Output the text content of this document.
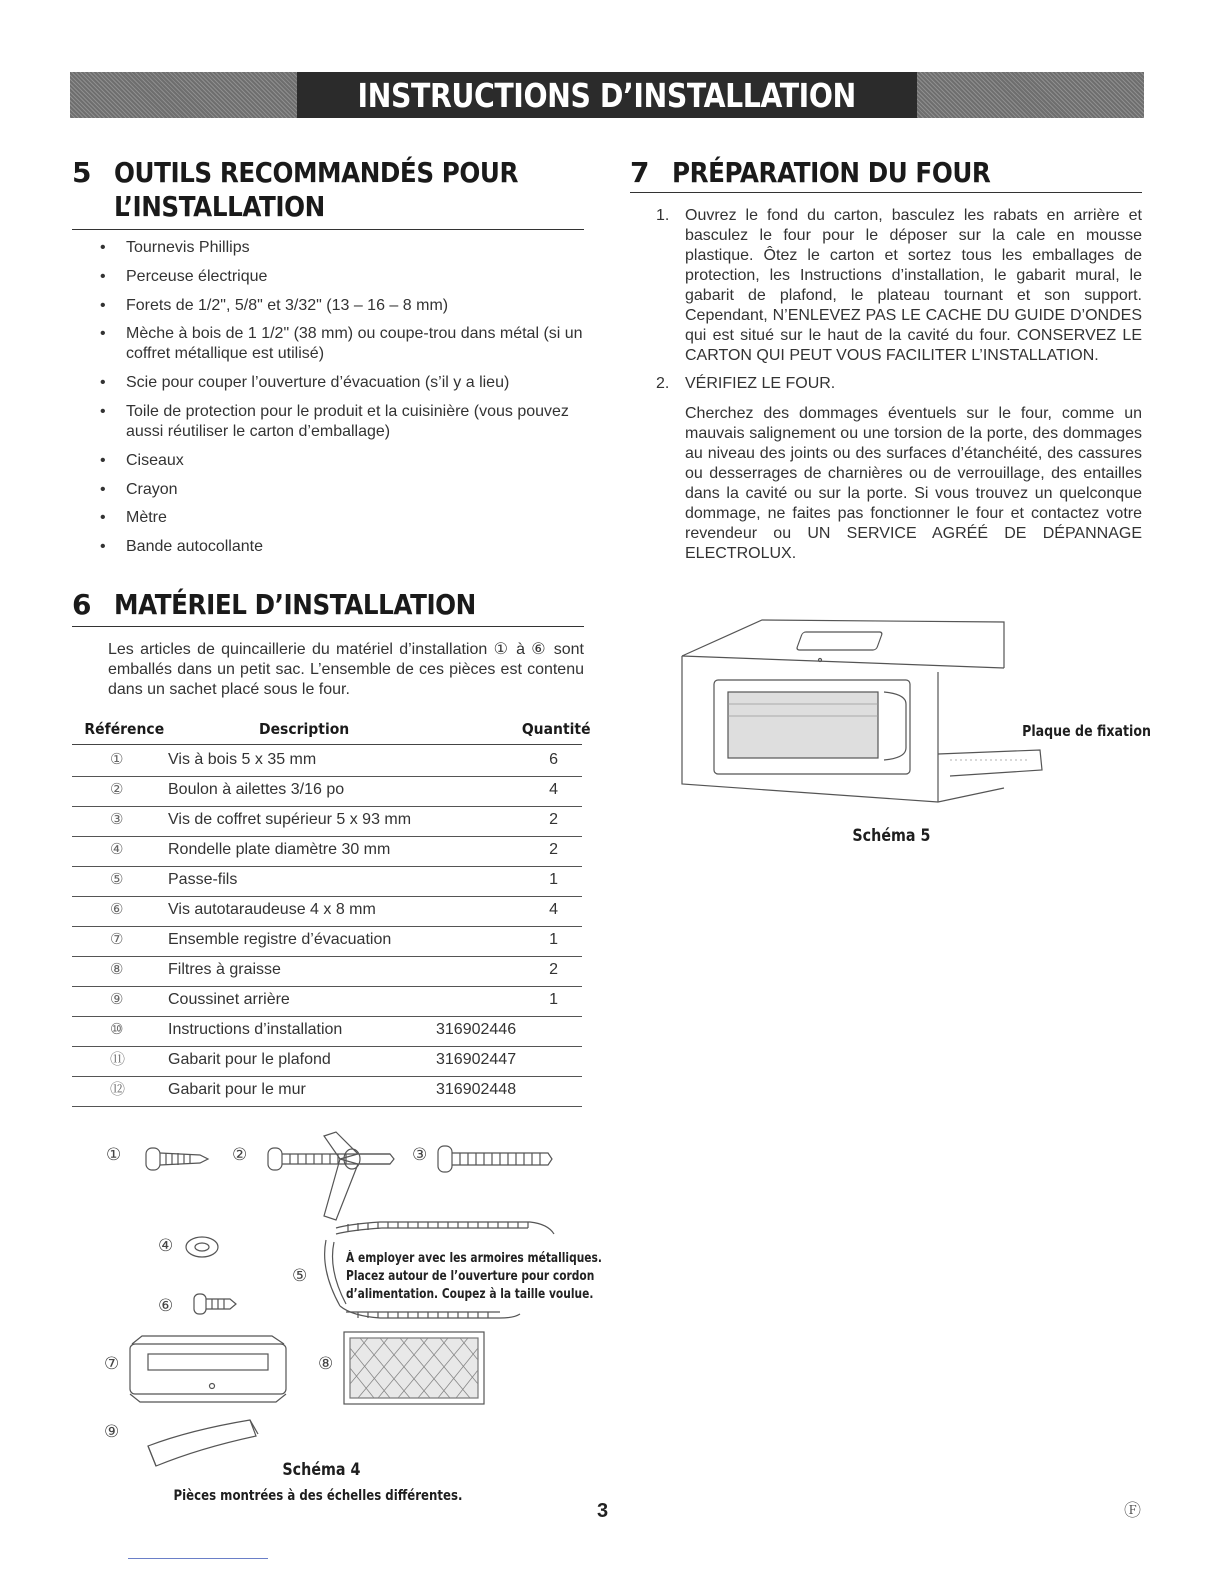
INSTRUCTIONS D’INSTALLATION
5 OUTILS RECOMMANDÉS POUR
L’INSTALLATION
• Tournevis Phillips
• Perceuse électrique
• Forets de 1/2", 5/8" et 3/32" (13 – 16 – 8 mm)
• Mèche à bois de 1 1/2" (38 mm) ou coupe-trou dans métal (si un coffret métallique est utilisé)
• Scie pour couper l’ouverture d’évacuation (s’il y a lieu)
• Toile de protection pour le produit et la cuisinière (vous pouvez aussi réutiliser le carton d’emballage)
• Ciseaux
• Crayon
• Mètre
• Bande autocollante
6 MATÉRIEL D’INSTALLATION

Les articles de quincaillerie du matériel d’installation ① à ⑥ sont emballés dans un petit sac. L’ensemble de ces pièces est contenu dans un sachet placé sous le four.

Référence	Description	Quantité
①	Vis à bois 5 x 35 mm	6
②	Boulon à ailettes 3/16 po	4
③	Vis de coffret supérieur 5 x 93 mm	2
④	Rondelle plate diamètre 30 mm	2
⑤	Passe-fils	1
⑥	Vis autotaraudeuse 4 x 8 mm	4
⑦	Ensemble registre d’évacuation	1
⑧	Filtres à graisse	2
⑨	Coussinet arrière	1
⑩	Instructions d’installation	316902446
⑪	Gabarit pour le plafond	316902447
⑫	Gabarit pour le mur	316902448
①	②	③
④
⑤
⑥
⑦	⑧
⑨
À employer avec les armoires métalliques.
Placez autour de l’ouverture pour cordon
d’alimentation. Coupez à la taille voulue.
Schéma 4
Pièces montrées à des échelles différentes.
7 PRÉPARATION DU FOUR
1. Ouvrez le fond du carton, basculez les rabats en arrière et basculez le four pour le déposer sur la cale en mousse plastique. Ôtez le carton et sortez tous les emballages de protection, les Instructions d’installation, le gabarit mural, le gabarit de plafond, le plateau tournant et son support. Cependant, N’ENLEVEZ PAS LE CACHE DU GUIDE D’ONDES qui est situé sur le haut de la cavité du four. CONSERVEZ LE CARTON QUI PEUT VOUS FACILITER L’INSTALLATION.

2. VÉRIFIEZ LE FOUR.

Cherchez des dommages éventuels sur le four, comme un mauvais salignement ou une torsion de la porte, des dommages au niveau des joints ou des surfaces d’étanchéité, des cassures ou desserrages de charnières ou de verrouillage, des entailles dans la cavité ou sur la porte. Si vous trouvez un quelconque dommage, ne faites pas fonctionner le four et contactez votre revendeur ou UN SERVICE AGRÉÉ DE DÉPANNAGE ELECTROLUX.

Plaque de fixation
Schéma 5
3	Ⓕ
